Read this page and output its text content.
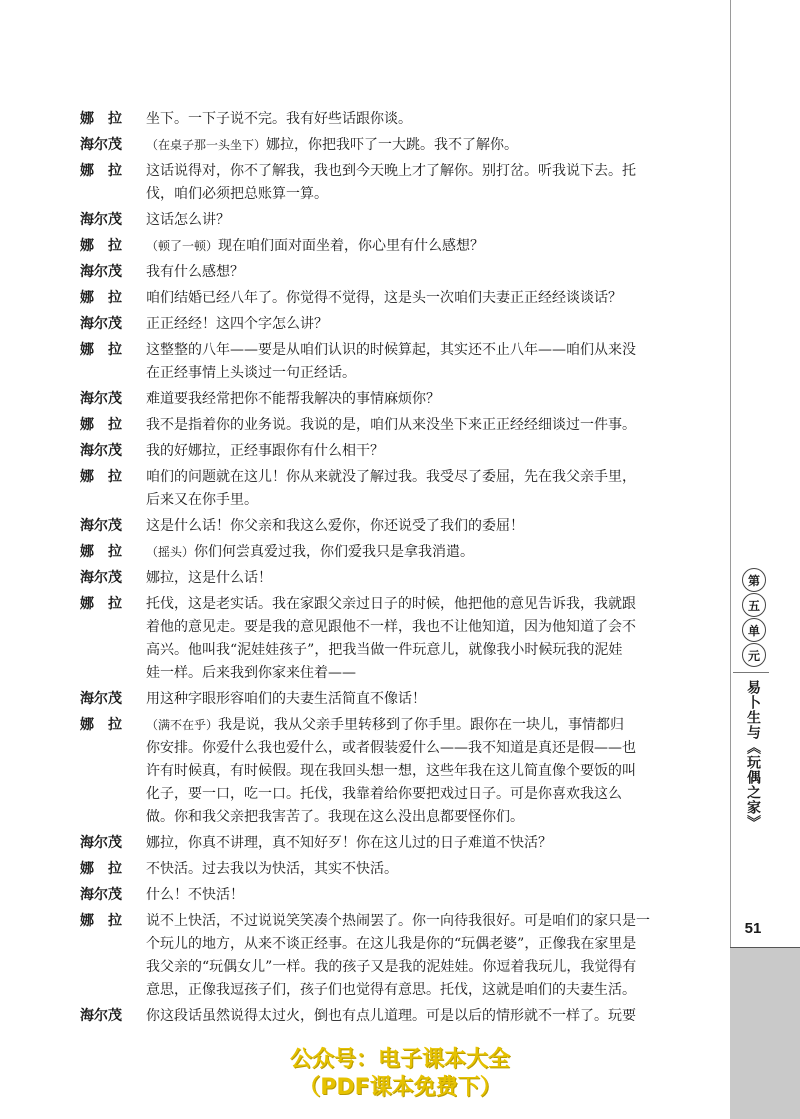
第
五
单
元
易卜生与《玩偶之家》
51
娜　拉 坐下。一下子说不完。我有好些话跟你谈。
海尔茂 （在桌子那一头坐下）娜拉，你把我吓了一大跳。我不了解你。
娜　拉 这话说得对，你不了解我，我也到今天晚上才了解你。别打岔。听我说下去。托
伐，咱们必须把总账算一算。
海尔茂 这话怎么讲？
娜　拉 （顿了一顿）现在咱们面对面坐着，你心里有什么感想？
海尔茂 我有什么感想？
娜　拉 咱们结婚已经八年了。你觉得不觉得，这是头一次咱们夫妻正正经经谈谈话？
海尔茂 正正经经！这四个字怎么讲？
娜　拉 这整整的八年——要是从咱们认识的时候算起，其实还不止八年——咱们从来没
在正经事情上头谈过一句正经话。
海尔茂 难道要我经常把你不能帮我解决的事情麻烦你？
娜　拉 我不是指着你的业务说。我说的是，咱们从来没坐下来正正经经细谈过一件事。
海尔茂 我的好娜拉，正经事跟你有什么相干？
娜　拉 咱们的问题就在这儿！你从来就没了解过我。我受尽了委屈，先在我父亲手里，
后来又在你手里。
海尔茂 这是什么话！你父亲和我这么爱你，你还说受了我们的委屈！
娜　拉 （摇头）你们何尝真爱过我，你们爱我只是拿我消遣。
海尔茂 娜拉，这是什么话！
娜　拉 托伐，这是老实话。我在家跟父亲过日子的时候，他把他的意见告诉我，我就跟
着他的意见走。要是我的意见跟他不一样，我也不让他知道，因为他知道了会不
高兴。他叫我“泥娃娃孩子”，把我当做一件玩意儿，就像我小时候玩我的泥娃
娃一样。后来我到你家来住着——
海尔茂 用这种字眼形容咱们的夫妻生活简直不像话！
娜　拉 （满不在乎）我是说，我从父亲手里转移到了你手里。跟你在一块儿，事情都归
你安排。你爱什么我也爱什么，或者假装爱什么——我不知道是真还是假——也
许有时候真，有时候假。现在我回头想一想，这些年我在这儿简直像个要饭的叫
化子，要一口，吃一口。托伐，我靠着给你要把戏过日子。可是你喜欢我这么
做。你和我父亲把我害苦了。我现在这么没出息都要怪你们。
海尔茂 娜拉，你真不讲理，真不知好歹！你在这儿过的日子难道不快活？
娜　拉 不快活。过去我以为快活，其实不快活。
海尔茂 什么！不快活！
娜　拉 说不上快活，不过说说笑笑凑个热闹罢了。你一向待我很好。可是咱们的家只是一
个玩儿的地方，从来不谈正经事。在这儿我是你的“玩偶老婆”，正像我在家里是
我父亲的“玩偶女儿”一样。我的孩子又是我的泥娃娃。你逗着我玩儿，我觉得有
意思，正像我逗孩子们，孩子们也觉得有意思。托伐，这就是咱们的夫妻生活。
海尔茂 你这段话虽然说得太过火，倒也有点儿道理。可是以后的情形就不一样了。玩要
公众号：电子课本大全
（PDF课本免费下）
